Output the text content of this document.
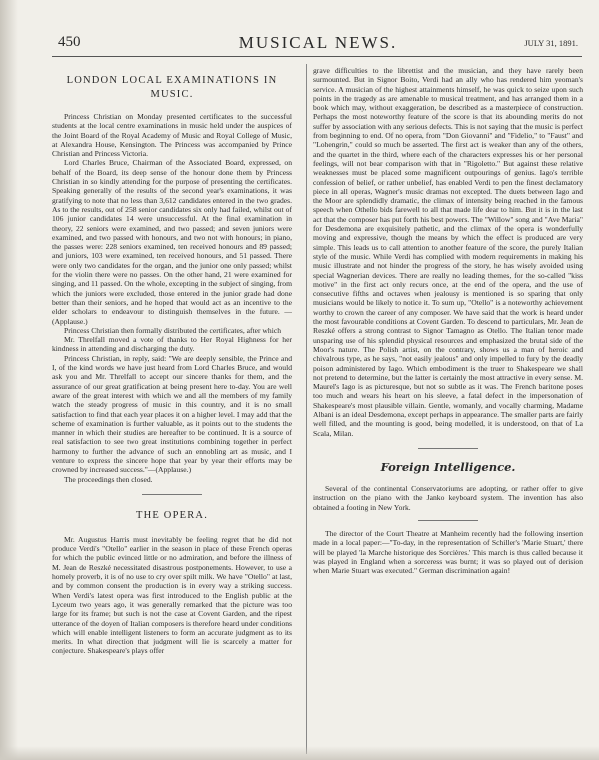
450	MUSICAL NEWS.	JULY 31, 1891.
LONDON LOCAL EXAMINATIONS IN MUSIC.

Princess Christian on Monday presented certificates to the successful students at the local centre examinations in music held under the auspices of the Joint Board of the Royal Academy of Music and Royal College of Music, at Alexandra House, Kensington. The Princess was accompanied by Prince Christian and Princess Victoria.

Lord Charles Bruce, Chairman of the Associated Board, expressed, on behalf of the Board, its deep sense of the honour done them by Princess Christian in so kindly attending for the purpose of presenting the certificates. Speaking generally of the results of the second year's examinations, it was gratifying to note that no less than 3,612 candidates entered in the two grades. As to the results, out of 258 senior candidates six only had failed, whilst out of 106 junior candidates 14 were unsuccessful. At the final examination in theory, 22 seniors were examined, and two passed; and seven juniors were examined, and two passed with honours, and two not with honours; in piano, the passes were: 228 seniors examined, ten received honours and 89 passed; and juniors, 103 were examined, ten received honours, and 51 passed. There were only two candidates for the organ, and the junior one only passed; whilst for the violin there were no passes. On the other hand, 21 were examined for singing, and 11 passed. On the whole, excepting in the subject of singing, from which the juniors were excluded, those entered in the junior grade had done better than their seniors, and he hoped that would act as an incentive to the elder scholars to endeavour to distinguish themselves in the future. — (Applause.)

Princess Christian then formally distributed the certificates, after which

Mr. Threlfall moved a vote of thanks to Her Royal Highness for her kindness in attending and discharging the duty.

Princess Christian, in reply, said: "We are deeply sensible, the Prince and I, of the kind words we have just heard from Lord Charles Bruce, and would ask you and Mr. Threlfall to accept our sincere thanks for them, and the assurance of our great gratification at being present here to-day. You are well aware of the great interest with which we and all the members of my family watch the steady progress of music in this country, and it is no small satisfaction to find that each year places it on a higher level. I may add that the scheme of examination is further valuable, as it points out to the students the manner in which their studies are hereafter to be continued. It is a source of real satisfaction to see two great institutions combining together in perfect harmony to further the advance of such an ennobling art as music, and I venture to express the sincere hope that year by year their efforts may be crowned by increased success."—(Applause.)

The proceedings then closed.

THE OPERA.

Mr. Augustus Harris must inevitably be feeling regret that he did not produce Verdi's "Otello" earlier in the season in place of these French operas for which the public evinced little or no admiration, and before the illness of M. Jean de Reszké necessitated disastrous postponements. However, to use a homely proverb, it is of no use to cry over spilt milk. We have "Otello" at last, and by common consent the production is in every way a striking success. When Verdi's latest opera was first introduced to the English public at the Lyceum two years ago, it was generally remarked that the picture was too large for its frame; but such is not the case at Covent Garden, and the ripest utterance of the doyen of Italian composers is therefore heard under conditions which will enable intelligent listeners to form an accurate judgment as to its merits. In what direction that judgment will lie is scarcely a matter for conjecture. Shakespeare's plays offer

grave difficulties to the librettist and the musician, and they have rarely been surmounted. But in Signor Boito, Verdi had an ally who has rendered him yeoman's service. A musician of the highest attainments himself, he was quick to seize upon such points in the tragedy as are amenable to musical treatment, and has arranged them in a book which may, without exaggeration, be described as a masterpiece of construction. Perhaps the most noteworthy feature of the score is that its abounding merits do not suffer by association with any serious defects. This is not saying that the music is perfect from beginning to end. Of no opera, from "Don Giovanni" and "Fidelio," to "Faust" and "Lohengrin," could so much be asserted. The first act is weaker than any of the others, and the quartet in the third, where each of the characters expresses his or her personal feelings, will not bear comparison with that in "Rigoletto." But against these relative weaknesses must be placed some magnificent outpourings of genius. Iago's terrible confession of belief, or rather unbelief, has enabled Verdi to pen the finest declamatory piece in all operas, Wagner's music dramas not excepted. The duets between Iago and the Moor are splendidly dramatic, the climax of intensity being reached in the famous speech when Othello bids farewell to all that made life dear to him. But it is in the last act that the composer has put forth his best powers. The "Willow" song and "Ave Maria" for Desdemona are exquisitely pathetic, and the climax of the opera is wonderfully moving and expressive, though the means by which the effect is produced are very simple. This leads us to call attention to another feature of the score, the purely Italian style of the music. While Verdi has complied with modern requirements in making his music illustrate and not hinder the progress of the story, he has wisely avoided using special Wagnerian devices. There are really no leading themes, for the so-called "kiss motive" in the first act only recurs once, at the end of the opera, and the use of consecutive fifths and octaves when jealousy is mentioned is so sparing that only musicians would be likely to notice it. To sum up, "Otello" is a noteworthy achievement worthy to crown the career of any composer. We have said that the work is heard under the most favourable conditions at Covent Garden. To descend to particulars, Mr. Jean de Reszké offers a strong contrast to Signor Tamagno as Otello. The Italian tenor made unsparing use of his splendid physical resources and emphasized the brutal side of the Moor's nature. The Polish artist, on the contrary, shows us a man of heroic and chivalrous type, as he says, "not easily jealous" and only impelled to fury by the deadly poison administered by Iago. Which embodiment is the truer to Shakespeare we shall not pretend to determine, but the latter is certainly the most attractive in every sense. M. Maurel's Iago is as picturesque, but not so subtle as it was. The French baritone poses too much and wears his heart on his sleeve, a fatal defect in the impersonation of Shakespeare's most plausible villain. Gentle, womanly, and vocally charming, Madame Albani is an ideal Desdemona, except perhaps in appearance. The smaller parts are fairly well filled, and the mounting is good, being modelled, it is understood, on that of La Scala, Milan.

Foreign Intelligence.

Several of the continental Conservatoriums are adopting, or rather offer to give instruction on the piano with the Janko keyboard system. The invention has also obtained a footing in New York.

The director of the Court Theatre at Manheim recently had the following insertion made in a local paper:—"To-day, in the representation of Schiller's 'Marie Stuart,' there will be played 'la Marche historique des Sorcières.' This march is thus called because it was played in England when a sorceress was burnt; it was so played out of derision when Marie Stuart was executed." German discrimination again!
